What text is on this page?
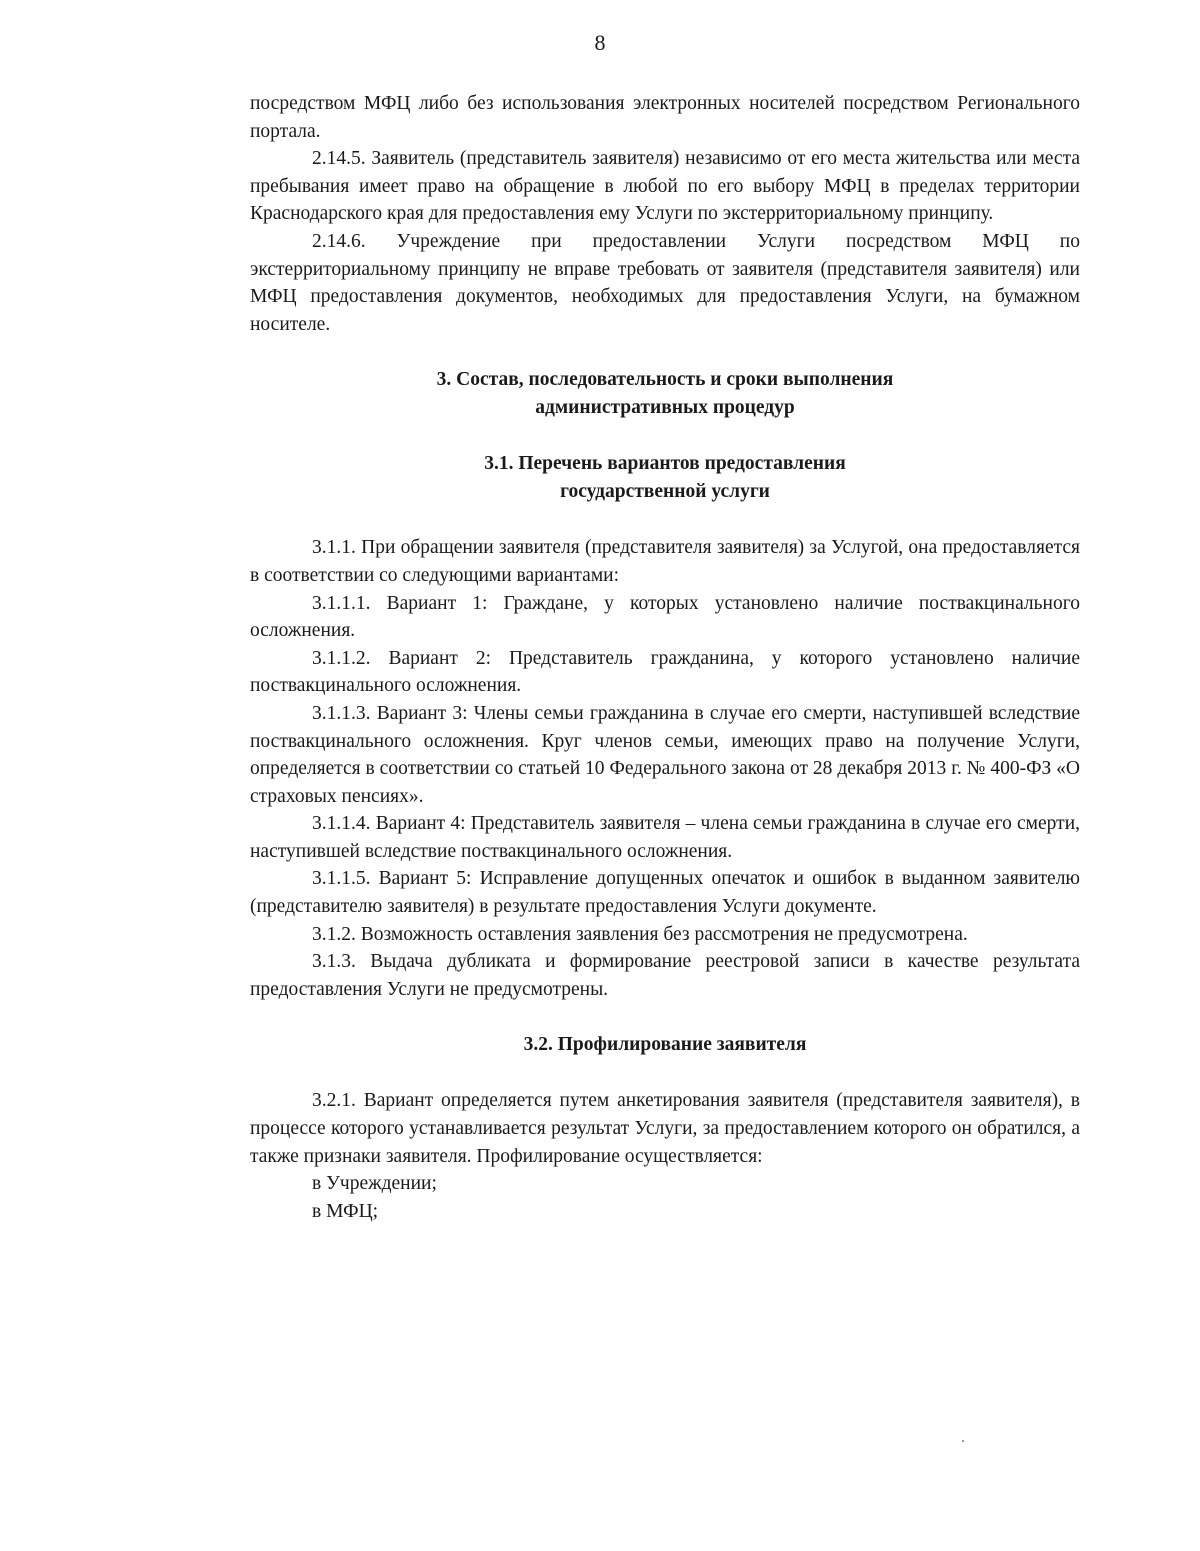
8

посредством МФЦ либо без использования электронных носителей посредством Регионального портала.

2.14.5. Заявитель (представитель заявителя) независимо от его места жительства или места пребывания имеет право на обращение в любой по его выбору МФЦ в пределах территории Краснодарского края для предоставления ему Услуги по экстерриториальному принципу.

2.14.6. Учреждение при предоставлении Услуги посредством МФЦ по экстерриториальному принципу не вправе требовать от заявителя (представителя заявителя) или МФЦ предоставления документов, необходимых для предоставления Услуги, на бумажном носителе.

3. Состав, последовательность и сроки выполнения

административных процедур

3.1. Перечень вариантов предоставления

государственной услуги

3.1.1. При обращении заявителя (представителя заявителя) за Услугой, она предоставляется в соответствии со следующими вариантами:

3.1.1.1. Вариант 1: Граждане, у которых установлено наличие поствакцинального осложнения.

3.1.1.2. Вариант 2: Представитель гражданина, у которого установлено наличие поствакцинального осложнения.

3.1.1.3. Вариант 3: Члены семьи гражданина в случае его смерти, наступившей вследствие поствакцинального осложнения. Круг членов семьи, имеющих право на получение Услуги, определяется в соответствии со статьей 10 Федерального закона от 28 декабря 2013 г. № 400-ФЗ «О страховых пенсиях».

3.1.1.4. Вариант 4: Представитель заявителя – члена семьи гражданина в случае его смерти, наступившей вследствие поствакцинального осложнения.

3.1.1.5. Вариант 5: Исправление допущенных опечаток и ошибок в выданном заявителю (представителю заявителя) в результате предоставления Услуги документе.

3.1.2. Возможность оставления заявления без рассмотрения не предусмотрена.

3.1.3. Выдача дубликата и формирование реестровой записи в качестве результата предоставления Услуги не предусмотрены.

3.2. Профилирование заявителя

3.2.1. Вариант определяется путем анкетирования заявителя (представителя заявителя), в процессе которого устанавливается результат Услуги, за предоставлением которого он обратился, а также признаки заявителя. Профилирование осуществляется:

в Учреждении;

в МФЦ;
